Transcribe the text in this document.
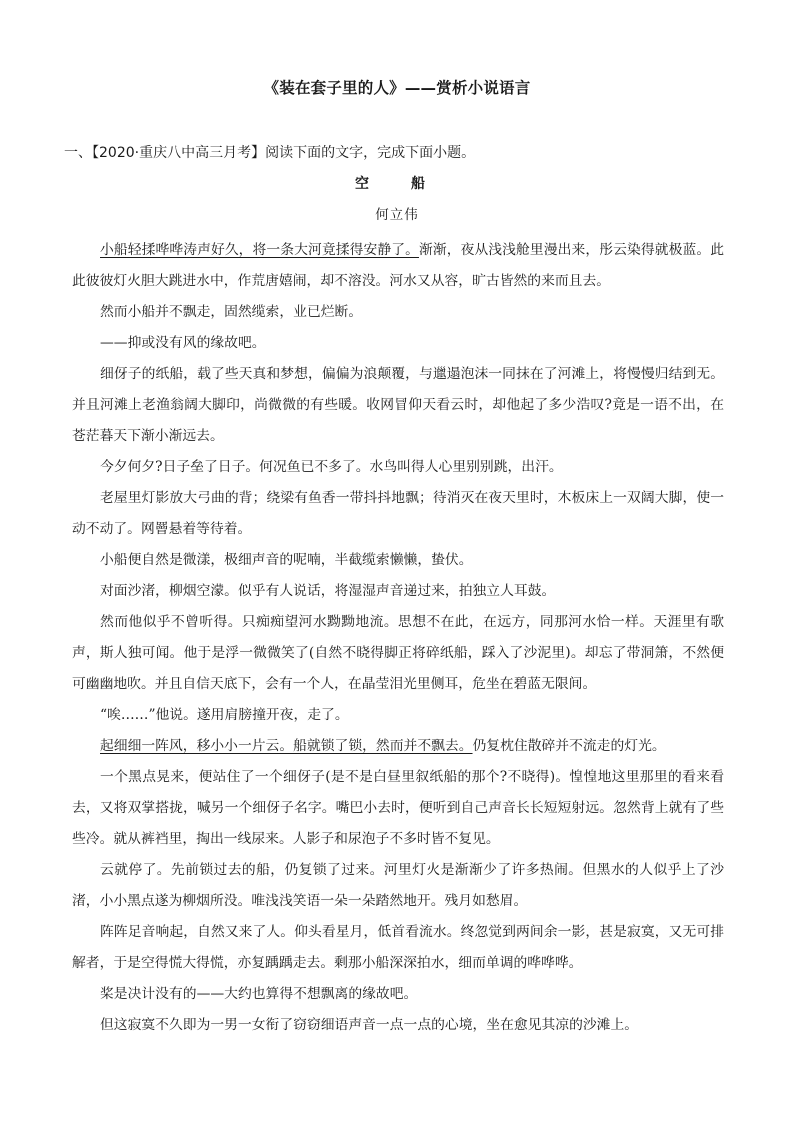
《装在套子里的人》——赏析小说语言
一、【2020·重庆八中高三月考】阅读下面的文字，完成下面小题。
空　船
何立伟

小船轻揉哗哗涛声好久，将一条大河竟揉得安静了。渐渐，夜从浅浅舱里漫出来，彤云染得就极蓝。此此彼彼灯火胆大跳进水中，作荒唐嬉闹，却不溶没。河水又从容，旷古皆然的来而且去。

然而小船并不飘走，固然缆索，业已烂断。

——抑或没有风的缘故吧。

细伢子的纸船，载了些天真和梦想，偏偏为浪颠覆，与邋遢泡沫一同抹在了河滩上，将慢慢归结到无。并且河滩上老渔翁阔大脚印，尚微微的有些暖。收网冒仰天看云时，却他起了多少浩叹?竟是一语不出，在苍茫暮天下渐小渐远去。

今夕何夕?日子垒了日子。何况鱼已不多了。水鸟叫得人心里别别跳，出汗。

老屋里灯影放大弓曲的背；绕梁有鱼香一带抖抖地飘；待消灭在夜天里时，木板床上一双阔大脚，使一动不动了。网罾悬着等待着。

小船便自然是微漾，极细声音的呢喃，半截缆索懒懒，蛰伏。

对面沙渚，柳烟空濛。似乎有人说话，将湿湿声音递过来，拍独立人耳鼓。

然而他似乎不曾听得。只痴痴望河水黝黝地流。思想不在此，在远方，同那河水恰一样。天涯里有歌声，斯人独可闻。他于是浮一微微笑了(自然不晓得脚正将碎纸船，踩入了沙泥里)。却忘了带洞箫，不然便可幽幽地吹。并且自信天底下，会有一个人，在晶莹泪光里侧耳，危坐在碧蓝无限间。

“唉……”他说。遂用肩膀撞开夜，走了。

起细细一阵风，移小小一片云。船就锁了锁，然而并不飘去。仍复枕住散碎并不流走的灯光。

一个黑点晃来，便站住了一个细伢子(是不是白昼里叙纸船的那个?不晓得)。惶惶地这里那里的看来看去，又将双掌搭拢，喊另一个细伢子名字。嘴巴小去时，便听到自己声音长长短短射远。忽然背上就有了些些冷。就从裤裆里，掏出一线尿来。人影子和尿泡子不多时皆不复见。

云就停了。先前锁过去的船，仍复锁了过来。河里灯火是渐渐少了许多热闹。但黑水的人似乎上了沙渚，小小黑点遂为柳烟所没。唯浅浅笑语一朵一朵踏然地开。残月如愁眉。

阵阵足音响起，自然又来了人。仰头看星月，低首看流水。终忽觉到两间余一影，甚是寂寞，又无可排解者，于是空得慌大得慌，亦复踽踽走去。剩那小船深深拍水，细而单调的哗哗哗。

桨是决计没有的——大约也算得不想飘离的缘故吧。

但这寂寞不久即为一男一女衔了窃窃细语声音一点一点的心境，坐在愈见其凉的沙滩上。
